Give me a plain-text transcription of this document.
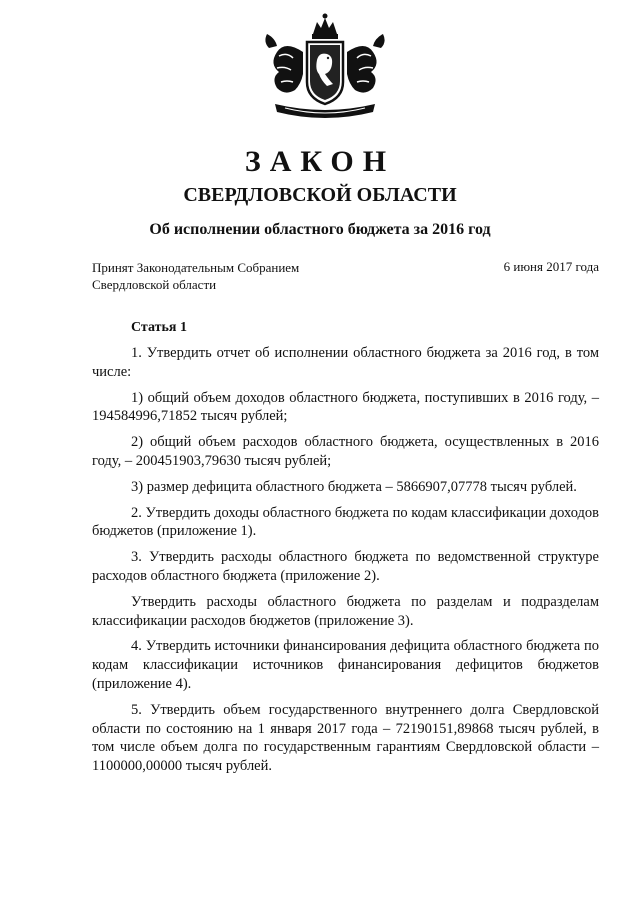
ЗАКОН
СВЕРДЛОВСКОЙ ОБЛАСТИ
Об исполнении областного бюджета за 2016 год
Принят Законодательным Собранием
Свердловской области
6 июня 2017 года
Статья 1

1. Утвердить отчет об исполнении областного бюджета за 2016 год, в том числе:

1) общий объем доходов областного бюджета, поступивших в 2016 году, – 194584996,71852 тысяч рублей;

2) общий объем расходов областного бюджета, осуществленных в 2016 году, – 200451903,79630 тысяч рублей;

3) размер дефицита областного бюджета – 5866907,07778 тысяч рублей.

2. Утвердить доходы областного бюджета по кодам классификации доходов бюджетов (приложение 1).

3. Утвердить расходы областного бюджета по ведомственной структуре расходов областного бюджета (приложение 2).

Утвердить расходы областного бюджета по разделам и подразделам классификации расходов бюджетов (приложение 3).

4. Утвердить источники финансирования дефицита областного бюджета по кодам классификации источников финансирования дефицитов бюджетов (приложение 4).

5. Утвердить объем государственного внутреннего долга Свердловской области по состоянию на 1 января 2017 года – 72190151,89868 тысяч рублей, в том числе объем долга по государственным гарантиям Свердловской области – 1100000,00000 тысяч рублей.
